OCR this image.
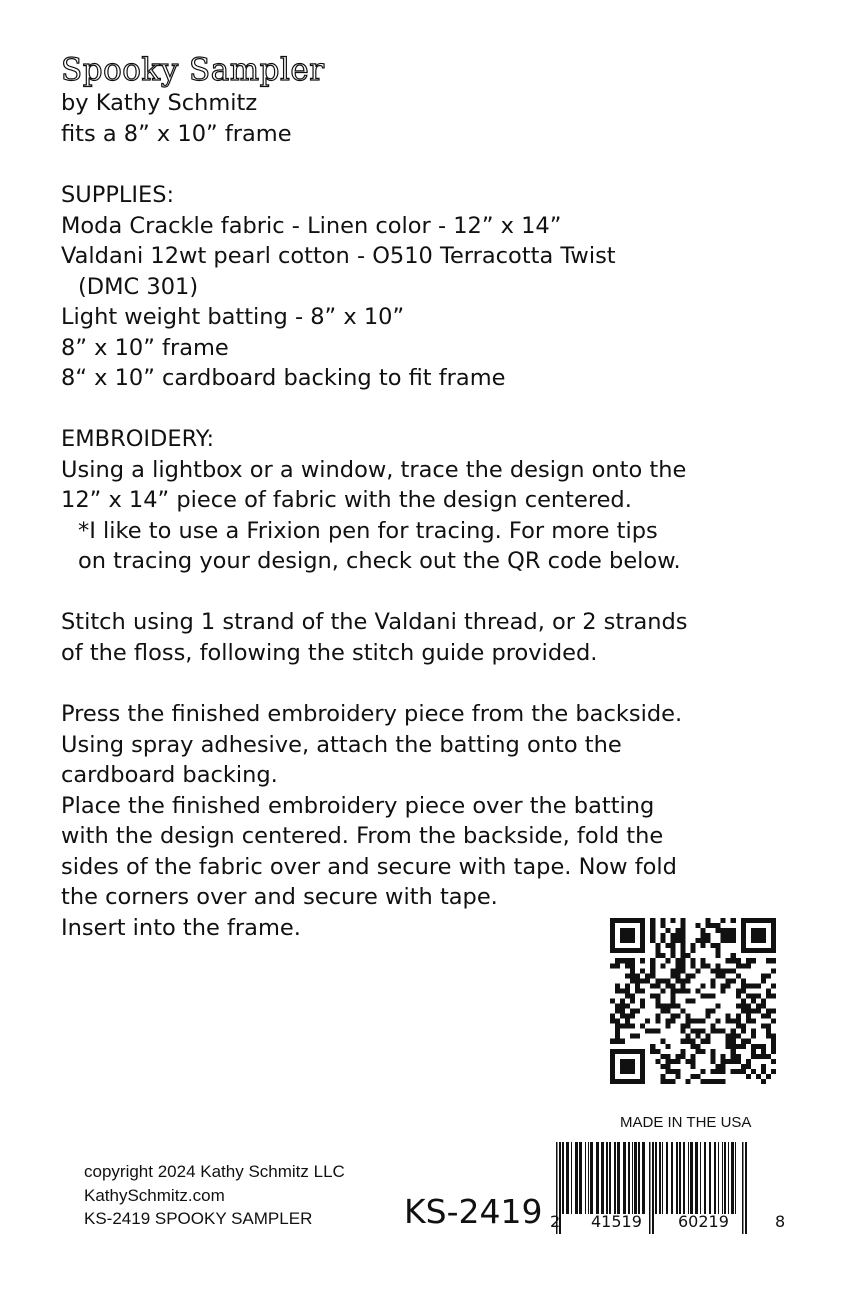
Spooky Sampler
by Kathy Schmitz
fits a 8” x 10” frame
SUPPLIES:
Moda Crackle fabric - Linen color - 12” x 14”
Valdani 12wt pearl cotton - O510 Terracotta Twist
(DMC 301)
Light weight batting - 8” x 10”
8” x 10” frame
8“ x 10” cardboard backing to fit frame
EMBROIDERY:
Using a lightbox or a window, trace the design onto the
12” x 14” piece of fabric with the design centered.
*I like to use a Frixion pen for tracing. For more tips
on tracing your design, check out the QR code below.
Stitch using 1 strand of the Valdani thread, or 2 strands
of the floss, following the stitch guide provided.
Press the finished embroidery piece from the backside.
Using spray adhesive, attach the batting onto the
cardboard backing.
Place the finished embroidery piece over the batting
with the design centered. From the backside, fold the
sides of the fabric over and secure with tape. Now fold
the corners over and secure with tape.
Insert into the frame.
MADE IN THE USA
copyright 2024 Kathy Schmitz LLC
KathySchmitz.com
KS-2419 SPOOKY SAMPLER	KS-2419 2 41519 60219	8
